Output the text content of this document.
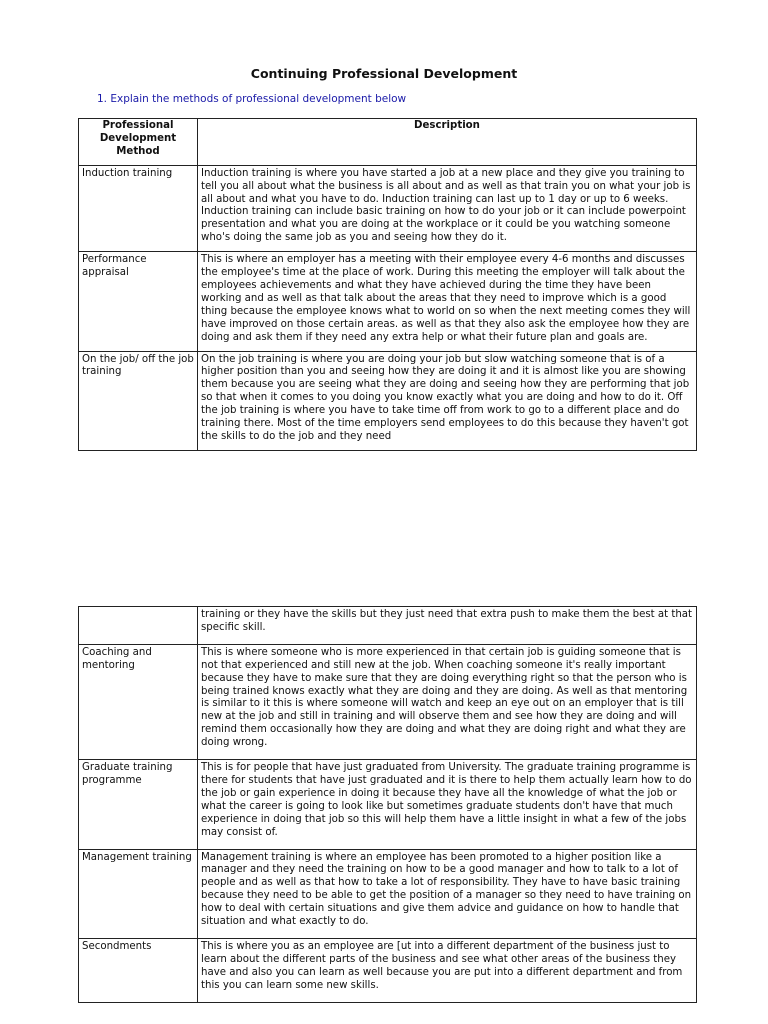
Continuing Professional Development
1. Explain the methods of professional development below
Professional Development Method	Description
Induction training	Induction training is where you have started a job at a new place and they give you training to tell you all about what the business is all about and as well as that train you on what your job is all about and what you have to do. Induction training can last up to 1 day or up to 6 weeks. Induction training can include basic training on how to do your job or it can include powerpoint presentation and what you are doing at the workplace or it could be you watching someone who's doing the same job as you and seeing how they do it.
Performance appraisal	This is where an employer has a meeting with their employee every 4-6 months and discusses the employee's time at the place of work. During this meeting the employer will talk about the employees achievements and what they have achieved during the time they have been working and as well as that talk about the areas that they need to improve which is a good thing because the employee knows what to world on so when the next meeting comes they will have improved on those certain areas. as well as that they also ask the employee how they are doing and ask them if they need any extra help or what their future plan and goals are.
On the job/ off the job training	On the job training is where you are doing your job but slow watching someone that is of a higher position than you and seeing how they are doing it and it is almost like you are showing them because you are seeing what they are doing and seeing how they are performing that job so that when it comes to you doing you know exactly what you are doing and how to do it. Off the job training is where you have to take time off from work to go to a different place and do training there. Most of the time employers send employees to do this because they haven't got the skills to do the job and they need
	training or they have the skills but they just need that extra push to make them the best at that specific skill.
Coaching and mentoring	This is where someone who is more experienced in that certain job is guiding someone that is not that experienced and still new at the job. When coaching someone it's really important because they have to make sure that they are doing everything right so that the person who is being trained knows exactly what they are doing and they are doing. As well as that mentoring is similar to it this is where someone will watch and keep an eye out on an employer that is till new at the job and still in training and will observe them and see how they are doing and will remind them occasionally how they are doing and what they are doing right and what they are doing wrong.
Graduate training programme	This is for people that have just graduated from University. The graduate training programme is there for students that have just graduated and it is there to help them actually learn how to do the job or gain experience in doing it because they have all the knowledge of what the job or what the career is going to look like but sometimes graduate students don't have that much experience in doing that job so this will help them have a little insight in what a few of the jobs may consist of.
Management training	Management training is where an employee has been promoted to a higher position like a manager and they need the training on how to be a good manager and how to talk to a lot of people and as well as that how to take a lot of responsibility. They have to have basic training because they need to be able to get the position of a manager so they need to have training on how to deal with certain situations and give them advice and guidance on how to handle that situation and what exactly to do.
Secondments	This is where you as an employee are [ut into a different department of the business just to learn about the different parts of the business and see what other areas of the business they have and also you can learn as well because you are put into a different department and from this you can learn some new skills.
